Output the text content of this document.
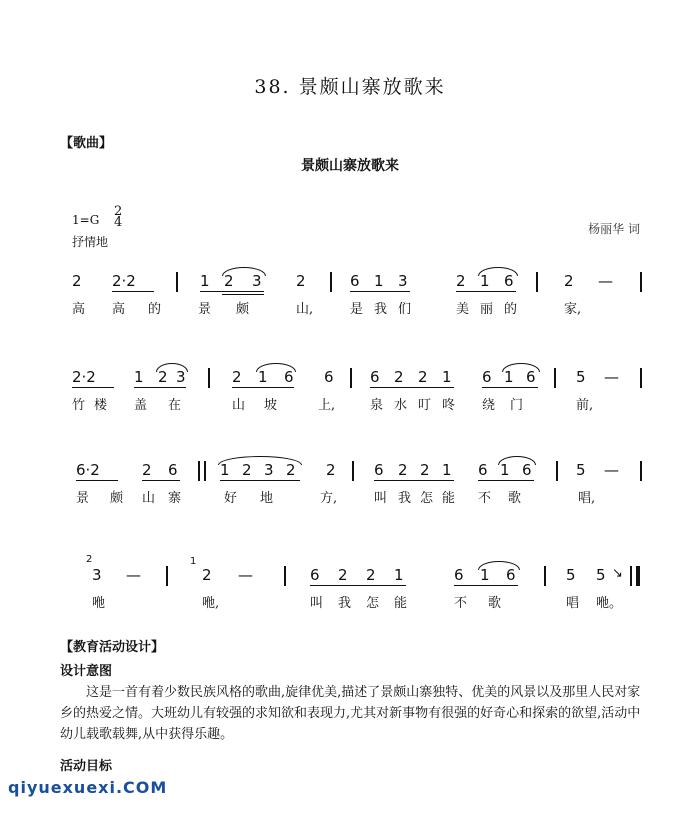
38. 景颇山寨放歌来
【歌曲】
景颇山寨放歌来
1=G
2
4
抒情地
杨丽华 词
2 2·2	1 2 3 2	6 1 3	2 1 6	2 —
高 高 的	景 颇	山,	是 我 们	美 丽 的	家,
2·2	1 2 3	2 1 6 6 6 2 2 1 6 1 6	5 —
竹 楼 盖 在	山 坡	上,	泉 水 叮 咚 绕 门	前,
6·2	2 6	1 2 3 2 2	6 2 2 1 6 1 6	5 —
景 颇 山 寨	好 地	方,	叫 我 怎 能 不 歌	唱,
2
3 —
1
2 —	6 2 2 1	6 1 6	5 5 ↘
咃	咃,	叫 我 怎 能	不 歌	唱 咃。
【教育活动设计】
设计意图
这是一首有着少数民族风格的歌曲,旋律优美,描述了景颇山寨独特、优美的风景以及那里人民对家乡的热爱之情。大班幼儿有较强的求知欲和表现力,尤其对新事物有很强的好奇心和探索的欲望,活动中幼儿载歌载舞,从中获得乐趣。
活动目标
qiyuexuexi.COM
